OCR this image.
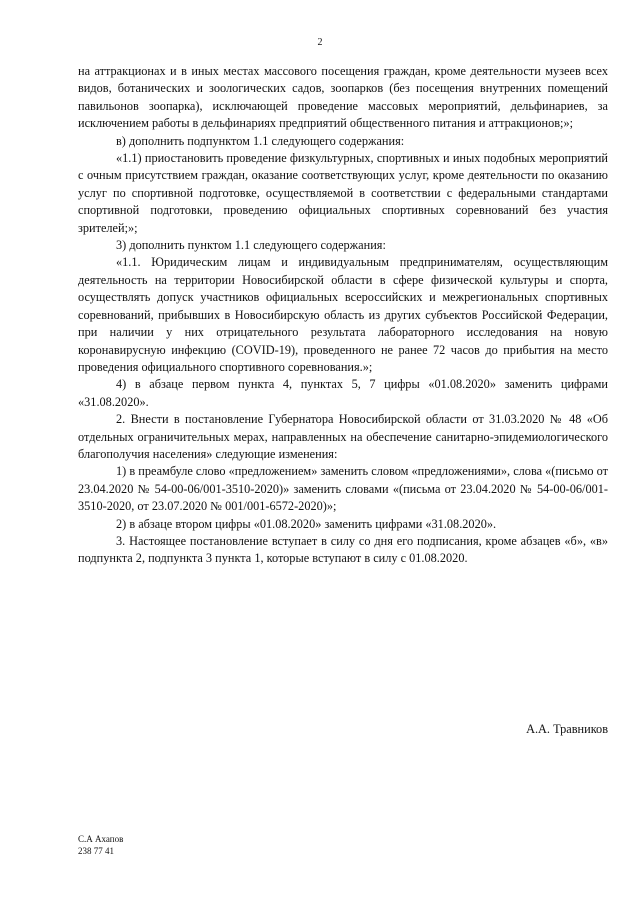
2

на аттракционах и в иных местах массового посещения граждан, кроме деятельности музеев всех видов, ботанических и зоологических садов, зоопарков (без посещения внутренних помещений павильонов зоопарка), исключающей проведение массовых мероприятий, дельфинариев, за исключением работы в дельфинариях предприятий общественного питания и аттракционов;»;

в) дополнить подпунктом 1.1 следующего содержания:

«1.1) приостановить проведение физкультурных, спортивных и иных подобных мероприятий с очным присутствием граждан, оказание соответствующих услуг, кроме деятельности по оказанию услуг по спортивной подготовке, осуществляемой в соответствии с федеральными стандартами спортивной подготовки, проведению официальных спортивных соревнований без участия зрителей;»;

3) дополнить пунктом 1.1 следующего содержания:

«1.1. Юридическим лицам и индивидуальным предпринимателям, осуществляющим деятельность на территории Новосибирской области в сфере физической культуры и спорта, осуществлять допуск участников официальных всероссийских и межрегиональных спортивных соревнований, прибывших в Новосибирскую область из других субъектов Российской Федерации, при наличии у них отрицательного результата лабораторного исследования на новую коронавирусную инфекцию (COVID-19), проведенного не ранее 72 часов до прибытия на место проведения официального спортивного соревнования.»;

4) в абзаце первом пункта 4, пунктах 5, 7 цифры «01.08.2020» заменить цифрами «31.08.2020».

2. Внести в постановление Губернатора Новосибирской области от 31.03.2020 № 48 «Об отдельных ограничительных мерах, направленных на обеспечение санитарно-эпидемиологического благополучия населения» следующие изменения:

1) в преамбуле слово «предложением» заменить словом «предложениями», слова «(письмо от 23.04.2020 № 54-00-06/001-3510-2020)» заменить словами «(письма от 23.04.2020 № 54-00-06/001-3510-2020, от 23.07.2020 № 001/001-6572-2020)»;

2) в абзаце втором цифры «01.08.2020» заменить цифрами «31.08.2020».

3. Настоящее постановление вступает в силу со дня его подписания, кроме абзацев «б», «в» подпункта 2, подпункта 3 пункта 1, которые вступают в силу с 01.08.2020.

А.А. Травников
С.А Ахапов
238 77 41
